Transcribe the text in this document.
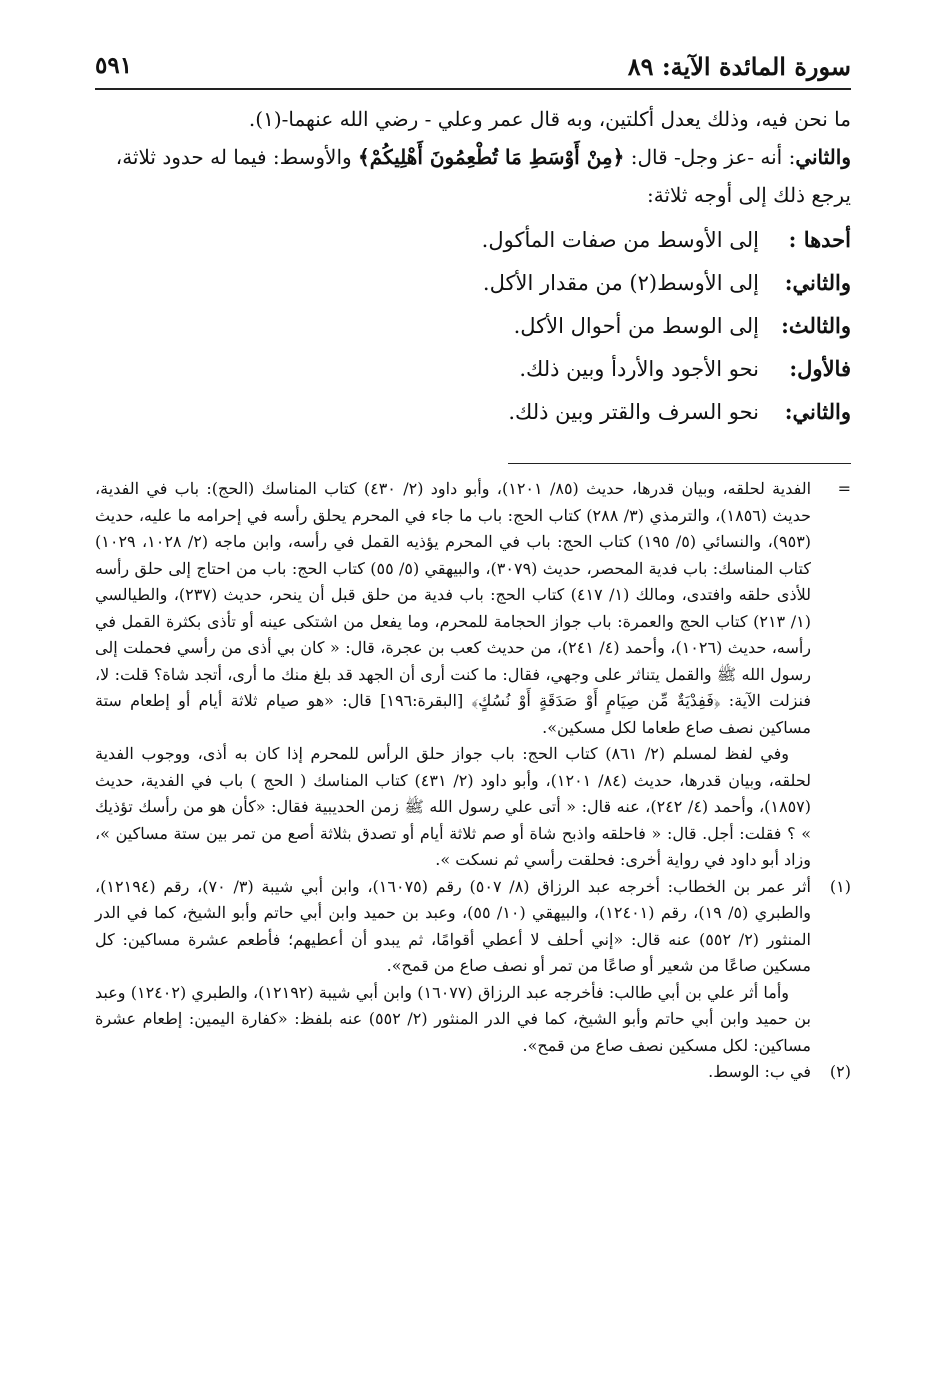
سورة المائدة الآية: ٨٩
٥٩١

ما نحن فيه، وذلك يعدل أكلتين، وبه قال عمر وعلي - رضي الله عنهما-(١).

والثاني: أنه -عز وجل- قال: ﴿مِنْ أَوْسَطِ مَا تُطْعِمُونَ أَهْلِيكُمْ﴾ والأوسط: فيما له حدود ثلاثة، يرجع ذلك إلى أوجه ثلاثة:

أحدها :إلى الأوسط من صفات المأكول.
والثاني:إلى الأوسط(٢) من مقدار الأكل.
والثالث:إلى الوسط من أحوال الأكل.
فالأول:نحو الأجود والأردأ وبين ذلك.
والثاني:نحو السرف والقتر وبين ذلك.
=

الفدية لحلقه، وبيان قدرها، حديث (٨٥/ ١٢٠١)، وأبو داود (٢/ ٤٣٠) كتاب المناسك (الحج): باب في الفدية، حديث (١٨٥٦)، والترمذي (٣/ ٢٨٨) كتاب الحج: باب ما جاء في المحرم يحلق رأسه في إحرامه ما عليه، حديث (٩٥٣)، والنسائي (٥/ ١٩٥) كتاب الحج: باب في المحرم يؤذيه القمل في رأسه، وابن ماجه (٢/ ١٠٢٨، ١٠٢٩) كتاب المناسك: باب فدية المحصر، حديث (٣٠٧٩)، والبيهقي (٥/ ٥٥) كتاب الحج: باب من احتاج إلى حلق رأسه للأذى حلقه وافتدى، ومالك (١/ ٤١٧) كتاب الحج: باب فدية من حلق قبل أن ينحر، حديث (٢٣٧)، والطيالسي (١/ ٢١٣) كتاب الحج والعمرة: باب جواز الحجامة للمحرم، وما يفعل من اشتكى عينه أو تأذى بكثرة القمل في رأسه، حديث (١٠٢٦)، وأحمد (٤/ ٢٤١)، من حديث كعب بن عجرة، قال: « كان بي أذى من رأسي فحملت إلى رسول الله ﷺ والقمل يتناثر على وجهي، فقال: ما كنت أرى أن الجهد قد بلغ منك ما أرى، أتجد شاة؟ قلت: لا، فنزلت الآية: ﴿فَفِدْيَةٌ مِّن صِيَامٍ أَوْ صَدَقَةٍ أَوْ نُسُكٍ﴾ [البقرة:١٩٦] قال: «هو صيام ثلاثة أيام أو إطعام ستة مساكين نصف صاع طعاما لكل مسكين».

وفي لفظ لمسلم (٢/ ٨٦١) كتاب الحج: باب جواز حلق الرأس للمحرم إذا كان به أذى، ووجوب الفدية لحلقه، وبيان قدرها، حديث (٨٤/ ١٢٠١)، وأبو داود (٢/ ٤٣١) كتاب المناسك ( الحج ) باب في الفدية، حديث (١٨٥٧)، وأحمد (٤/ ٢٤٢)، عنه قال: « أتى علي رسول الله ﷺ زمن الحديبية فقال: «كأن هو من رأسك تؤذيك » ؟ فقلت: أجل. قال: « فاحلقه واذبح شاة أو صم ثلاثة أيام أو تصدق بثلاثة أصع من تمر بين ستة مساكين »، وزاد أبو داود في رواية أخرى: فحلقت رأسي ثم نسكت ».

(١)

أثر عمر بن الخطاب: أخرجه عبد الرزاق (٨/ ٥٠٧) رقم (١٦٠٧٥)، وابن أبي شيبة (٣/ ٧٠)، رقم (١٢١٩٤)، والطبري (٥/ ١٩)، رقم (١٢٤٠١)، والبيهقي (١٠/ ٥٥)، وعبد بن حميد وابن أبي حاتم وأبو الشيخ، كما في الدر المنثور (٢/ ٥٥٢) عنه قال: «إني أحلف لا أعطي أقوامًا، ثم يبدو أن أعطيهم؛ فأطعم عشرة مساكين: كل مسكين صاعًا من شعير أو صاعًا من تمر أو نصف صاع من قمح».

وأما أثر علي بن أبي طالب: فأخرجه عبد الرزاق (١٦٠٧٧) وابن أبي شيبة (١٢١٩٢)، والطبري (١٢٤٠٢) وعبد بن حميد وابن أبي حاتم وأبو الشيخ، كما في الدر المنثور (٢/ ٥٥٢) عنه بلفظ: «كفارة اليمين: إطعام عشرة مساكين: لكل مسكين نصف صاع من قمح».

(٢)

في ب: الوسط.
